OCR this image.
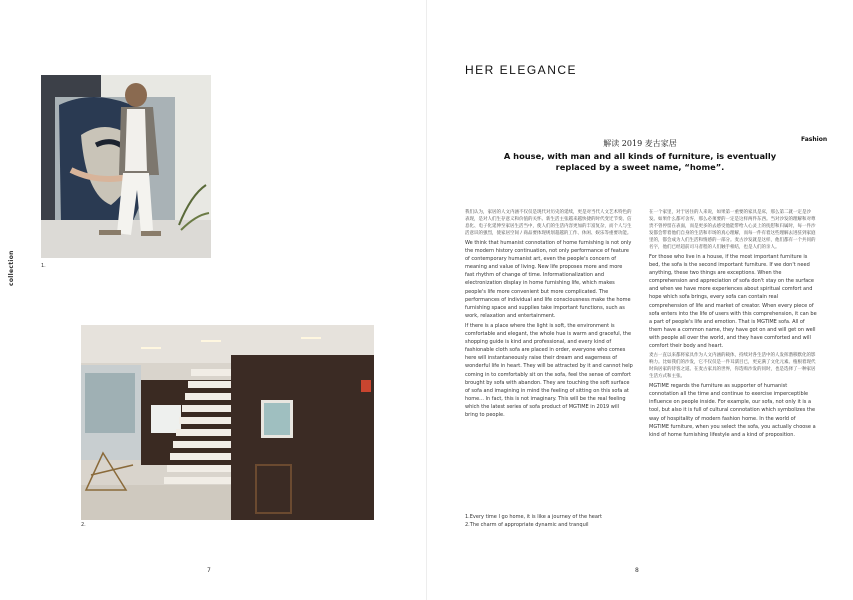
collection	1.
2.
7
HER ELEGANCE
Fashion
解读 2019 麦古家居
A house, with man and all kinds of furniture, is eventually replaced by a sweet name, “home”.

我们认为，家居的人文内涵不仅仅是现代对历史的延续，更是对当代人文艺术特色的表现，是对人们生存意义和价值的关怀。新生活主张越来越快捷的时代变迁节奏。信息化、电子化延伸至家居生活当中，使人们的生活内容更加的丰富复杂，而个人与生活意识的强烈，使家居空间 / 商品要体现规划超越的工作、休闲、娱乐等重要功能。

We think that humanist connotation of home furnishing is not only the modern history continuation, not only performance of feature of contemporary humanist art, even the people's concern of meaning and value of living. New life proposes more and more fast rhythm of change of time. Informationalization and electronization display in home furnishing life, which makes people's life more convenient but more complicated. The performances of individual and life consciousness make the home furnishing space and supplies take important functions, such as work, relaxation and entertainment.

If there is a place where the light is soft, the environment is comfortable and elegant, the whole hue is warm and graceful, the shopping guide is kind and professional, and every kind of fashionable cloth sofa are placed in order, everyone who comes here will instantaneously raise their dream and eagerness of wonderful life in heart. They will be attracted by it and cannot help coming in to comfortably sit on the sofa, feel the sense of comfort brought by sofa with abandon. They are touching the soft surface of sofa and imagining in mind the feeling of sitting on this sofa at home... In fact, this is not imaginary. This will be the real feeling which the latest series of sofa product of MGTIME in 2019 will bring to people.

在一个家里，对于居住的人来说，如果第一重要的家具是床，那么第二就一定是沙发。如果什么都可舍弃，那么必须要的一定是这样两件东西。当对沙发的理解和对尊贵不曾停留在表面，而是更多的去感受他能带给人心灵上的抚慰和归属时，每一件沙发都会带着他们自身的生活和市场的真心理解，而每一件有着这些理解去进驻到家庭里的，都会成为人们生活和情感的一部分。麦古沙发就是这样，他们都有一个共同的名字，他们已经超前司马者程的人们触手相结，也是人们的亲人。

For those who live in a house, if the most important furniture is bed, the sofa is the second important furniture. If we don't need anything, these two things are exceptions. When the comprehension and appreciation of sofa don't stay on the surface and when we have more experiences about spiritual comfort and hope which sofa brings, every sofa can contain real comprehension of life and market of creator. When every piece of sofa enters into the life of users with this comprehension, it can be a part of people's life and emotion. That is MGTIME sofa. All of them have a common name, they have got on and will get on well with people all over the world, and they have comforted and will comfort their body and heart.

麦古一直以来都将家具作为人文内涵的载体，持续对各生活中的人发挥潜移默化的影响力。比如我们的沙发，它不仅仅是一件耳濡目已，更充满了文化元素。植根着现代时尚居家的待客之道。在麦古家具的世界，你选购沙发的同时，也是选择了一种家居生活方式和主张。

MGTIME regards the furniture as supporter of humanist connotation all the time and continue to exercise imperceptible influence on people inside. For example, our sofa, not only it is a tool, but also it is full of cultural connotation which symbolizes the way of hospitality of modern fashion home. In the world of MGTIME furniture, when you select the sofa, you actually choose a kind of home furnishing lifestyle and a kind of proposition.

1.Every time I go home, it is like a journey of the heart
2.The charm of appropriate dynamic and tranquil
8
